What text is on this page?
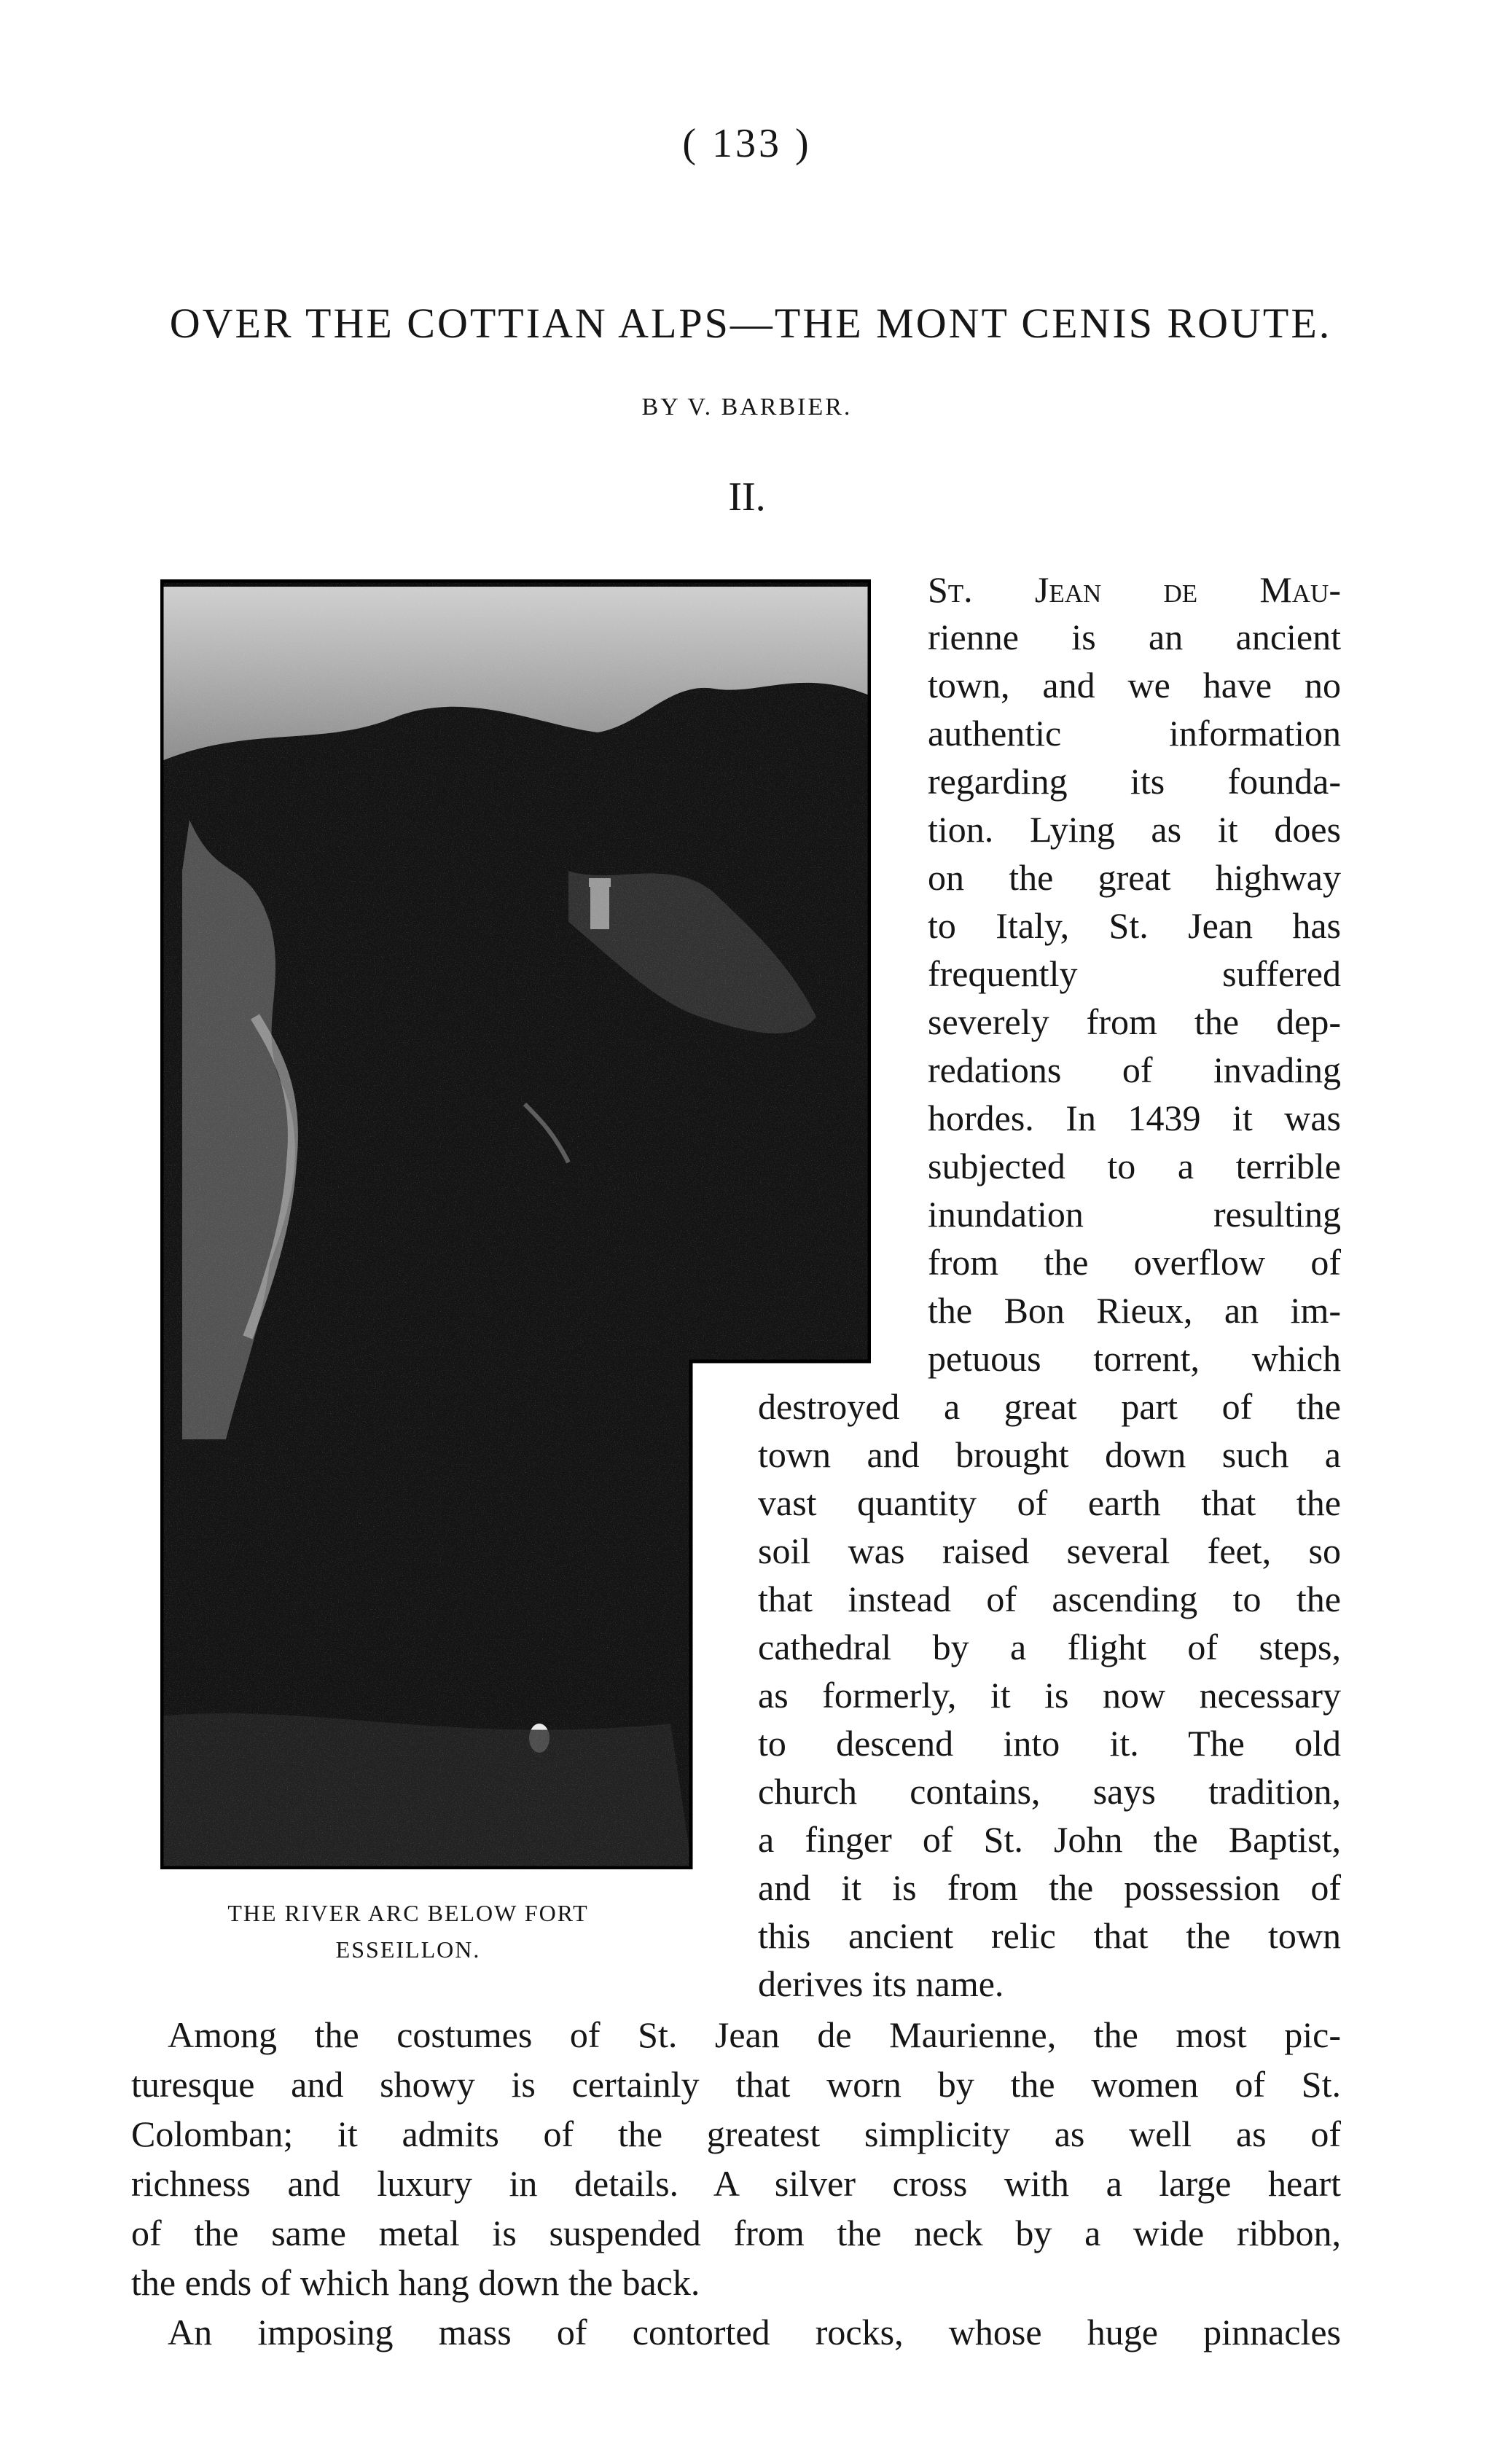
( 133 )
OVER THE COTTIAN ALPS—THE MONT CENIS ROUTE.
BY V. BARBIER.
II.
THE RIVER ARC BELOW FORT
ESSEILLON.
St. Jean de Mau-
rienne is an ancient
town, and we have no
authentic information
regarding its founda-
tion. Lying as it does
on the great highway
to Italy, St. Jean has
frequently suffered
severely from the dep-
redations of invading
hordes. In 1439 it was
subjected to a terrible
inundation resulting
from the overflow of
the Bon Rieux, an im-
petuous torrent, which
destroyed a great part of the
town and brought down such a
vast quantity of earth that the
soil was raised several feet, so
that instead of ascending to the
cathedral by a flight of steps,
as formerly, it is now necessary
to descend into it. The old
church contains, says tradition,
a finger of St. John the Baptist,
and it is from the possession of
this ancient relic that the town
derives its name.
Among the costumes of St. Jean de Maurienne, the most pic-
turesque and showy is certainly that worn by the women of St.
Colomban; it admits of the greatest simplicity as well as of
richness and luxury in details. A silver cross with a large heart
of the same metal is suspended from the neck by a wide ribbon,
the ends of which hang down the back.
An imposing mass of contorted rocks, whose huge pinnacles
